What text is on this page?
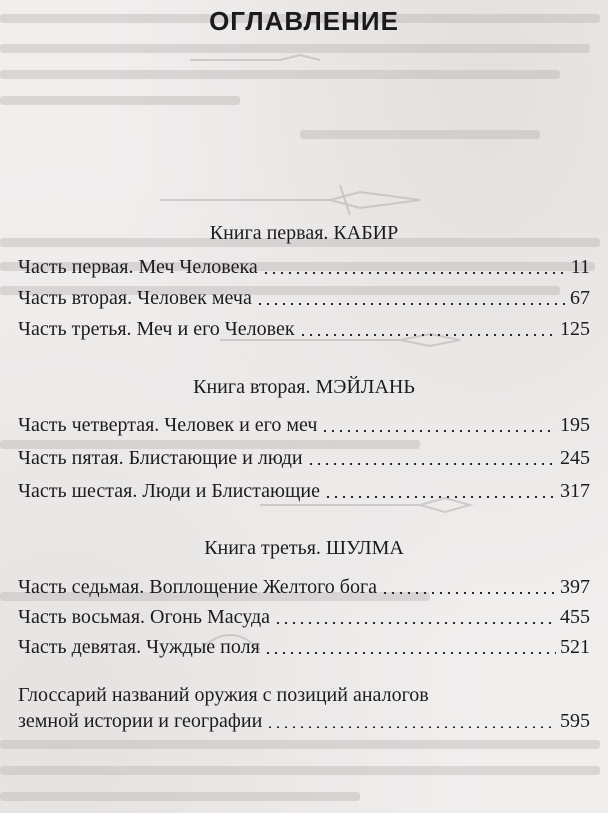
ОГЛАВЛЕНИЕ
Книга первая. КАБИР
Часть первая. Меч Человека	11
Часть вторая. Человек меча	67
Часть третья. Меч и его Человек	125
Книга вторая. МЭЙЛАНЬ
Часть четвертая. Человек и его меч	195
Часть пятая. Блистающие и люди	245
Часть шестая. Люди и Блистающие	317
Книга третья. ШУЛМА
Часть седьмая. Воплощение Желтого бога	397
Часть восьмая. Огонь Масуда	455
Часть девятая. Чуждые поля	521
Глоссарий названий оружия с позиций аналогов
земной истории и географии	595
